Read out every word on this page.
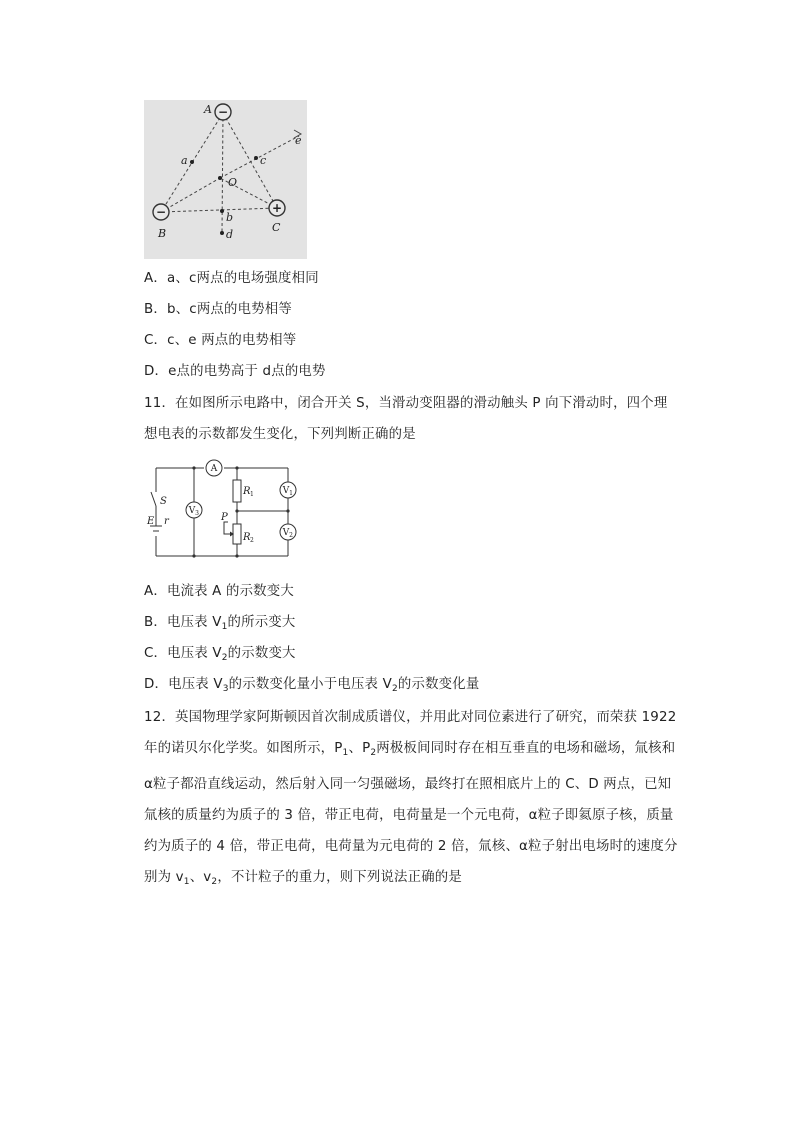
A
B	C
O
a
b
c
d
e
−
−	+
A．a、c两点的电场强度相同
B．b、c两点的电势相等
C．c、e 两点的电势相等
D．e点的电势高于 d点的电势
11．在如图所示电路中，闭合开关 S，当滑动变阻器的滑动触头 P 向下滑动时，四个理
想电表的示数都发生变化，下列判断正确的是
A
V 3
V 1
V 2
S
E r	P
R 1
R 2
A．电流表 A 的示数变大
B．电压表 $V_1$的所示变大
C．电压表 $V_2$的示数变大
D．电压表 $V_3$的示数变化量小于电压表 $V_2$的示数变化量
12．英国物理学家阿斯顿因首次制成质谱仪，并用此对同位素进行了研究，而荣获 1922 年的诺贝尔化学奖。如图所示，$P_1$、$P_2$两极板间同时存在相互垂直的电场和磁场，氚核和α粒子都沿直线运动，然后射入同一匀强磁场，最终打在照相底片上的 C、D 两点，已知氚核的质量约为质子的 3 倍，带正电荷，电荷量是一个元电荷，α粒子即氦原子核，质量约为质子的 4 倍，带正电荷，电荷量为元电荷的 2 倍，氚核、α粒子射出电场时的速度分别为 $v_1$、$v_2$，不计粒子的重力，则下列说法正确的是
